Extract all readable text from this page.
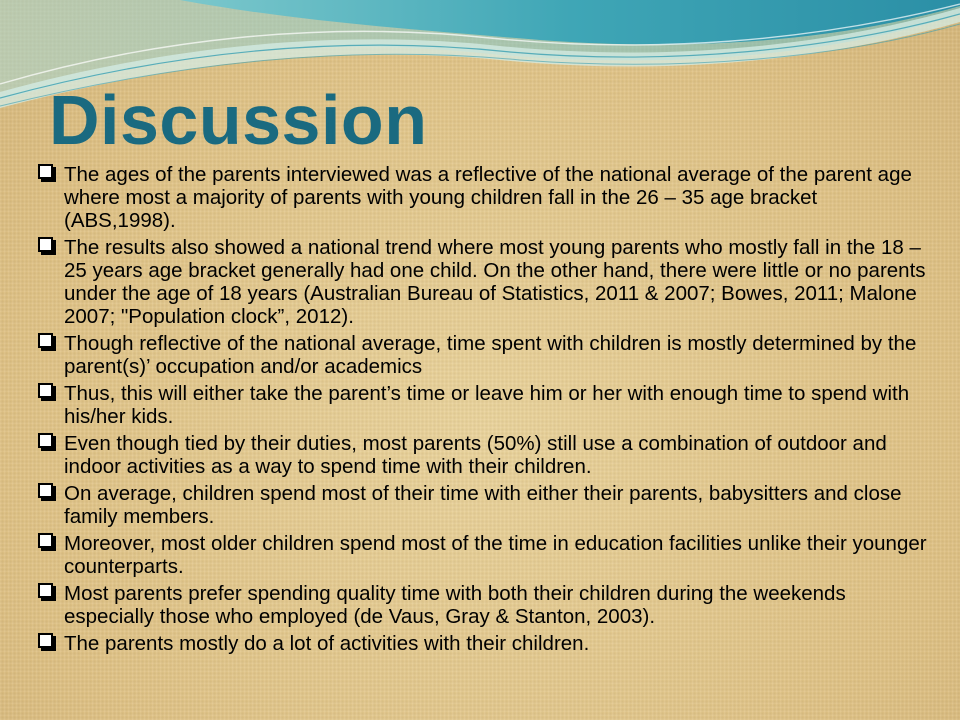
Discussion
The ages of the parents interviewed was a reflective of the national average of the parent age where most a majority of parents with young children fall in the 26 – 35 age bracket (ABS,1998).
The results also showed a national trend where most young parents who mostly fall in the 18 – 25 years age bracket generally had one child. On the other hand, there were little or no parents under the age of 18 years (Australian Bureau of Statistics, 2011 & 2007; Bowes, 2011; Malone 2007; "Population clock”, 2012).
Though reflective of the national average, time spent with children is mostly determined by the parent(s)’ occupation and/or academics
Thus, this will either take the parent’s time or leave him or her with enough time to spend with his/her kids.
Even though tied by their duties, most parents (50%) still use a combination of outdoor and indoor activities as a way to spend time with their children.
On average, children spend most of their time with either their parents, babysitters and close family members.
Moreover, most older children spend most of the time in education facilities unlike their younger counterparts.
Most parents prefer spending quality time with both their children during the weekends especially those who employed (de Vaus, Gray & Stanton, 2003).
The parents mostly do a lot of activities with their children.
